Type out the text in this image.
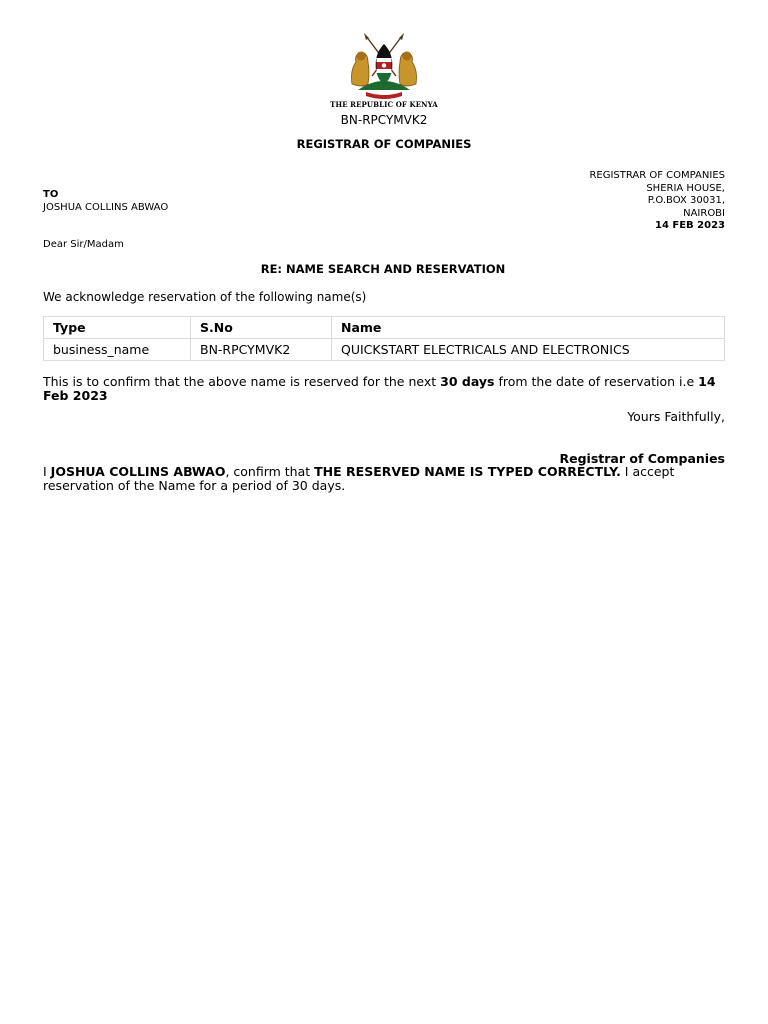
THE REPUBLIC OF KENYA
BN-RPCYMVK2
REGISTRAR OF COMPANIES
REGISTRAR OF COMPANIES
SHERIA HOUSE,
P.O.BOX 30031,
NAIROBI
14 FEB 2023
TO
JOSHUA COLLINS ABWAO
Dear Sir/Madam
RE: NAME SEARCH AND RESERVATION
We acknowledge reservation of the following name(s)
Type	S.No	Name
business_name	BN-RPCYMVK2	QUICKSTART ELECTRICALS AND ELECTRONICS
This is to confirm that the above name is reserved for the next 30 days from the date of reservation i.e 14 Feb 2023
Yours Faithfully,
Registrar of Companies
I JOSHUA COLLINS ABWAO, confirm that THE RESERVED NAME IS TYPED CORRECTLY. I accept reservation of the Name for a period of 30 days.
